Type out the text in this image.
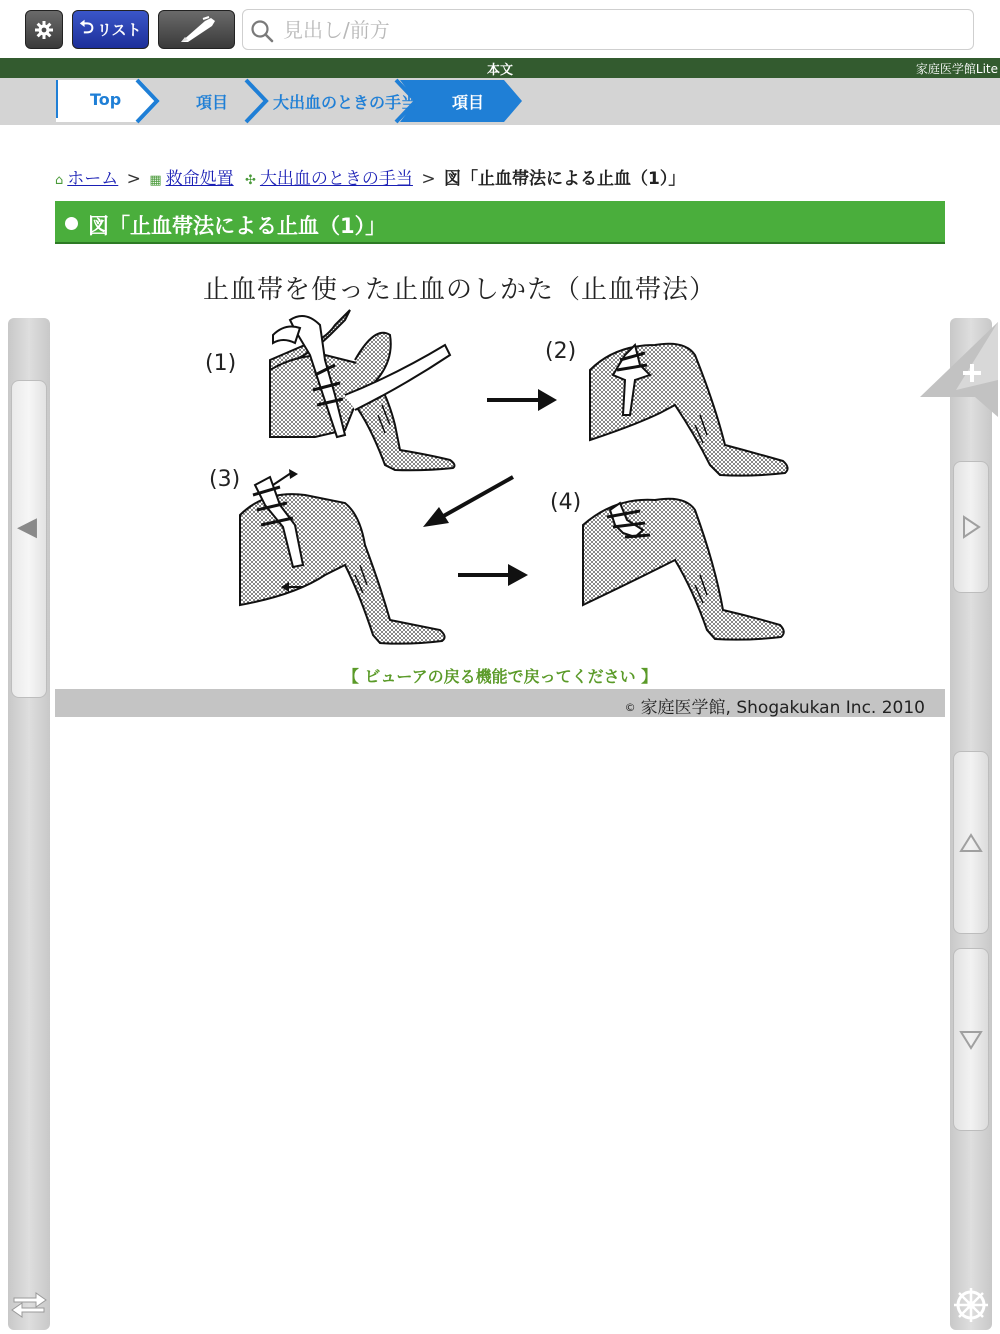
⮌ リスト
見出し/前方
本文	家庭医学館Lite
Top	項目	大出血のときの手当 項目
⌂ ホーム > ▦ 救命処置 ✣ 大出血のときの手当 > 図「止血帯法による止血（1）」
図「止血帯法による止血（1）」
止血帯を使った止血のしかた（止血帯法）
(1)	(2)
(3)
(4)
【 ビューアの戻る機能で戻ってください 】
© 家庭医学館, Shogakukan Inc. 2010
◀
